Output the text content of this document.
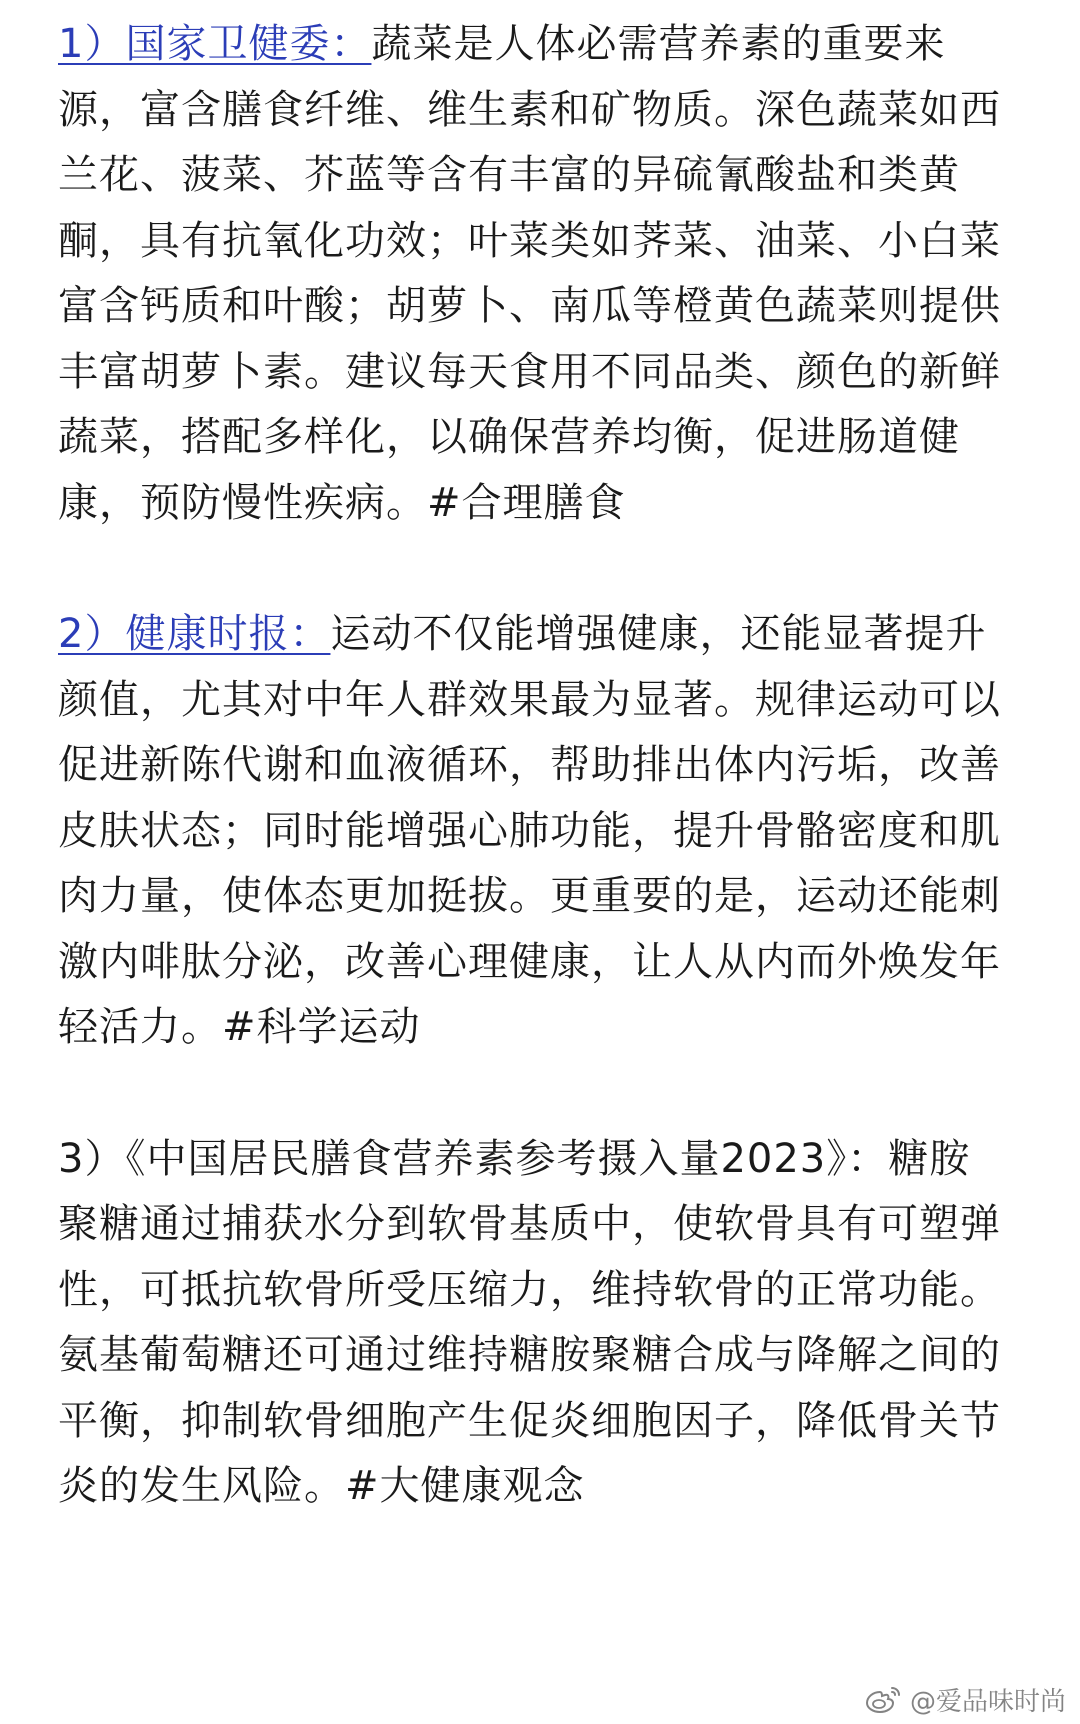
1）国家卫健委：蔬菜是人体必需营养素的重要来源，富含膳食纤维、维生素和矿物质。深色蔬菜如西兰花、菠菜、芥蓝等含有丰富的异硫氰酸盐和类黄酮，具有抗氧化功效；叶菜类如荠菜、油菜、小白菜富含钙质和叶酸；胡萝卜、南瓜等橙黄色蔬菜则提供丰富胡萝卜素。建议每天食用不同品类、颜色的新鲜蔬菜，搭配多样化，以确保营养均衡，促进肠道健康，预防慢性疾病。#合理膳食

2）健康时报：运动不仅能增强健康，还能显著提升颜值，尤其对中年人群效果最为显著。规律运动可以促进新陈代谢和血液循环，帮助排出体内污垢，改善皮肤状态；同时能增强心肺功能，提升骨骼密度和肌肉力量，使体态更加挺拔。更重要的是，运动还能刺激内啡肽分泌，改善心理健康，让人从内而外焕发年轻活力。#科学运动

3）《中国居民膳食营养素参考摄入量2023》：糖胺聚糖通过捕获水分到软骨基质中，使软骨具有可塑弹性，可抵抗软骨所受压缩力，维持软骨的正常功能。氨基葡萄糖还可通过维持糖胺聚糖合成与降解之间的平衡，抑制软骨细胞产生促炎细胞因子，降低骨关节炎的发生风险。#大健康观念

@爱品味时尚
